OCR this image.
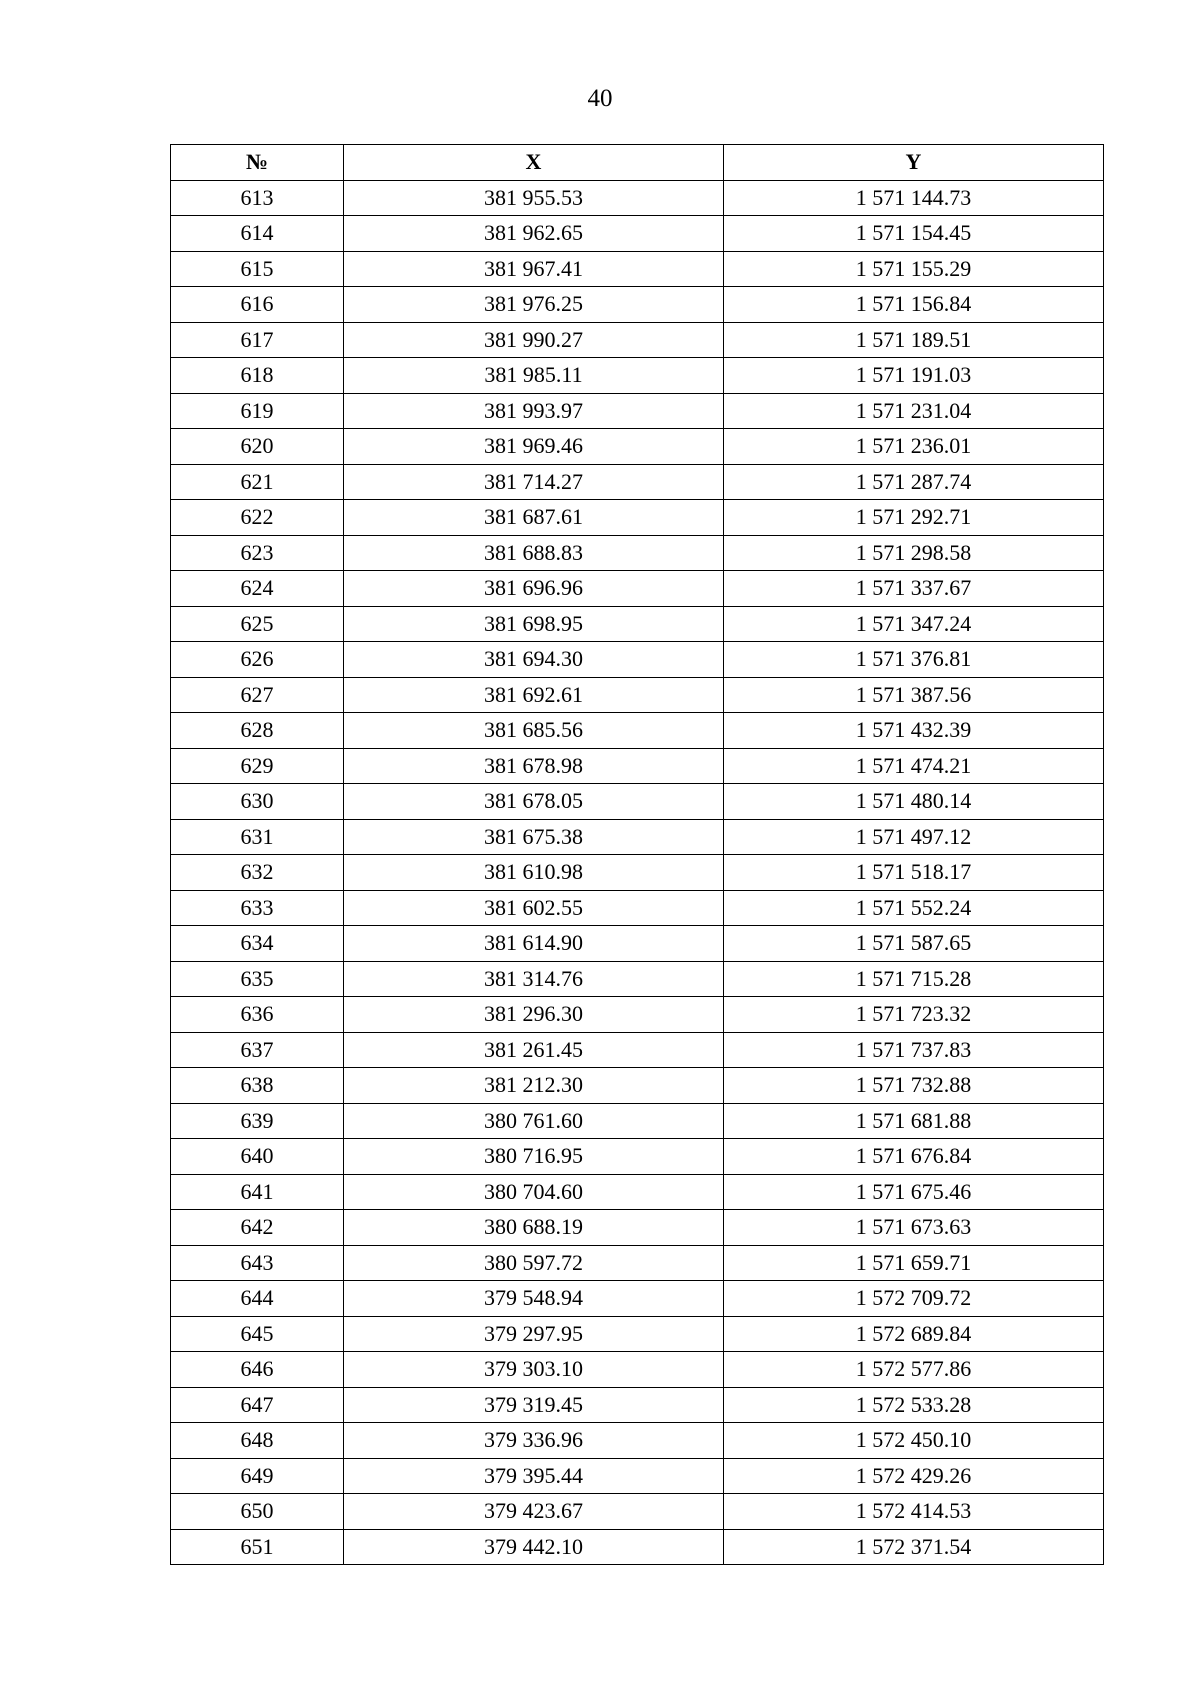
40
№	X	Y
613	381 955.53	1 571 144.73
614	381 962.65	1 571 154.45
615	381 967.41	1 571 155.29
616	381 976.25	1 571 156.84
617	381 990.27	1 571 189.51
618	381 985.11	1 571 191.03
619	381 993.97	1 571 231.04
620	381 969.46	1 571 236.01
621	381 714.27	1 571 287.74
622	381 687.61	1 571 292.71
623	381 688.83	1 571 298.58
624	381 696.96	1 571 337.67
625	381 698.95	1 571 347.24
626	381 694.30	1 571 376.81
627	381 692.61	1 571 387.56
628	381 685.56	1 571 432.39
629	381 678.98	1 571 474.21
630	381 678.05	1 571 480.14
631	381 675.38	1 571 497.12
632	381 610.98	1 571 518.17
633	381 602.55	1 571 552.24
634	381 614.90	1 571 587.65
635	381 314.76	1 571 715.28
636	381 296.30	1 571 723.32
637	381 261.45	1 571 737.83
638	381 212.30	1 571 732.88
639	380 761.60	1 571 681.88
640	380 716.95	1 571 676.84
641	380 704.60	1 571 675.46
642	380 688.19	1 571 673.63
643	380 597.72	1 571 659.71
644	379 548.94	1 572 709.72
645	379 297.95	1 572 689.84
646	379 303.10	1 572 577.86
647	379 319.45	1 572 533.28
648	379 336.96	1 572 450.10
649	379 395.44	1 572 429.26
650	379 423.67	1 572 414.53
651	379 442.10	1 572 371.54
